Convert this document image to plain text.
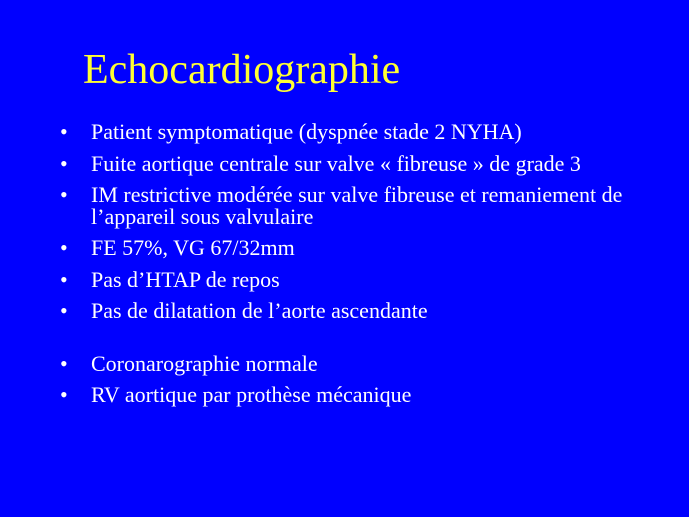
Echocardiographie
• Patient symptomatique (dyspnée stade 2 NYHA)
• Fuite aortique centrale sur valve « fibreuse » de grade 3
• IM restrictive modérée sur valve fibreuse et remaniement de l’appareil sous valvulaire
• FE 57%, VG 67/32mm
• Pas d’HTAP de repos
• Pas de dilatation de l’aorte ascendante
• Coronarographie normale
• RV aortique par prothèse mécanique
